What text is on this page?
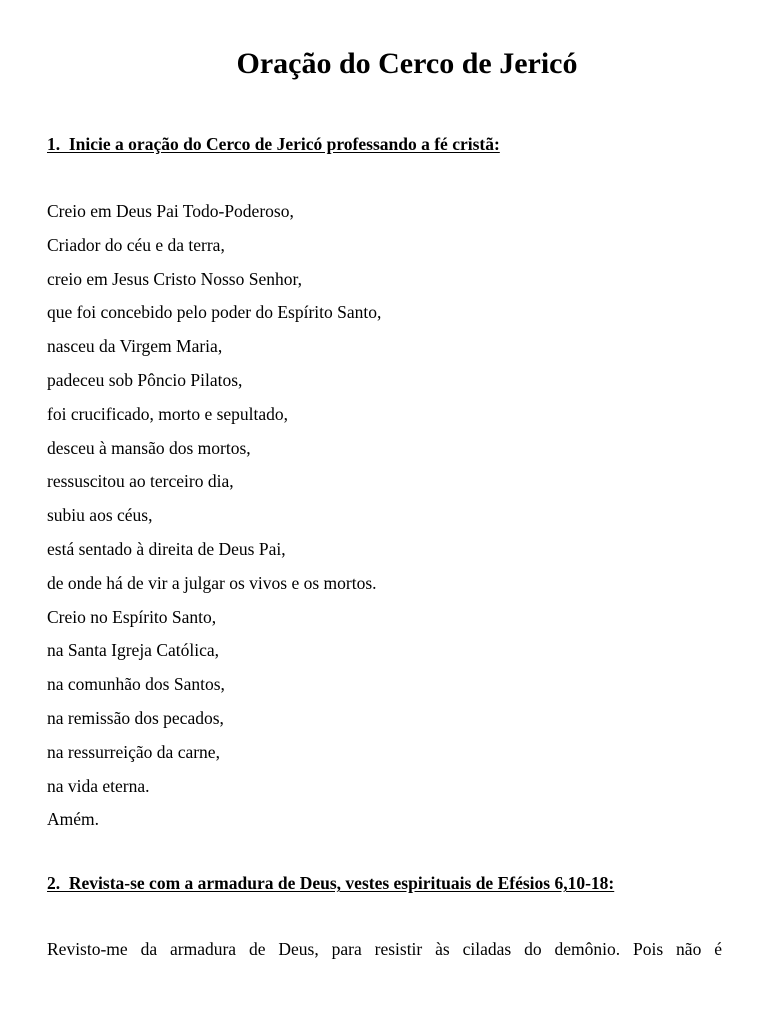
Oração do Cerco de Jericó

1.  Inicie a oração do Cerco de Jericó professando a fé cristã:

Creio em Deus Pai Todo-Poderoso,
Criador do céu e da terra,
creio em Jesus Cristo Nosso Senhor,
que foi concebido pelo poder do Espírito Santo,
nasceu da Virgem Maria,
padeceu sob Pôncio Pilatos,
foi crucificado, morto e sepultado,
desceu à mansão dos mortos,
ressuscitou ao terceiro dia,
subiu aos céus,
está sentado à direita de Deus Pai,
de onde há de vir a julgar os vivos e os mortos.
Creio no Espírito Santo,
na Santa Igreja Católica,
na comunhão dos Santos,
na remissão dos pecados,
na ressurreição da carne,
na vida eterna.
Amém.

2.  Revista-se com a armadura de Deus, vestes espirituais de Efésios 6,10-18:

Revisto-me da armadura de Deus, para resistir às ciladas do demônio. Pois não é
